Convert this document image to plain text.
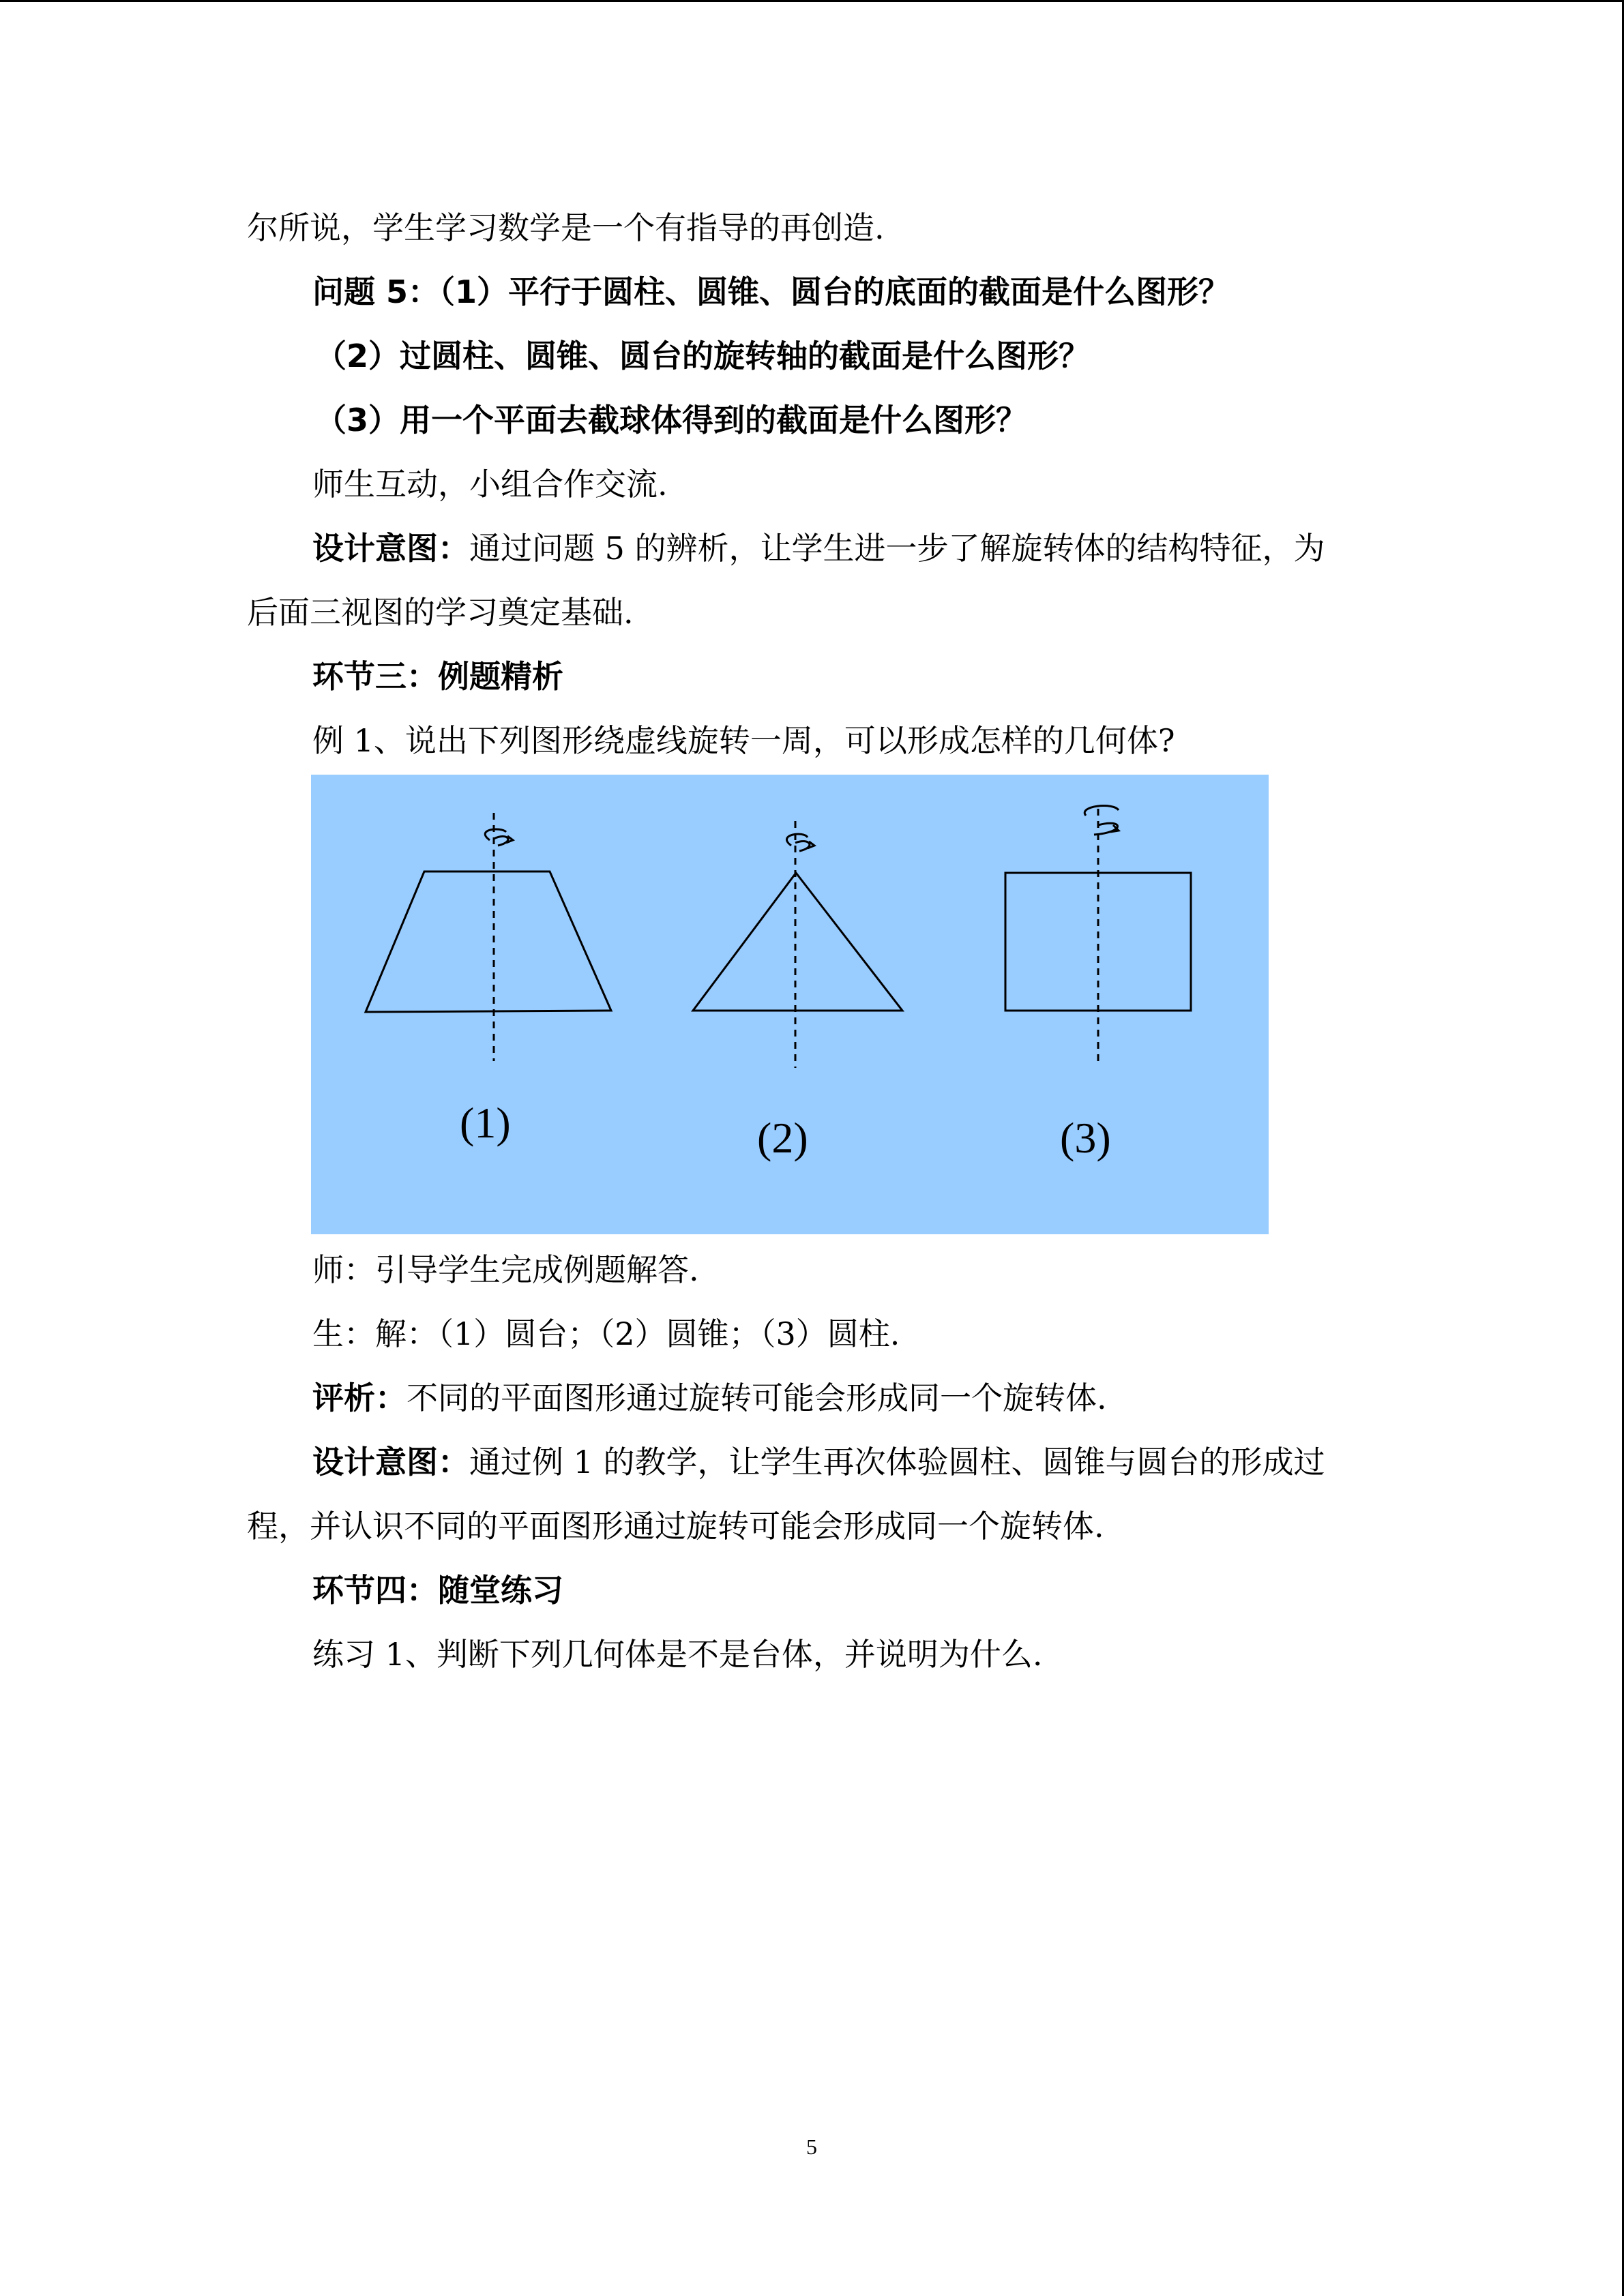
尔所说，学生学习数学是一个有指导的再创造.
问题 5：（1）平行于圆柱、圆锥、圆台的底面的截面是什么图形？
（2）过圆柱、圆锥、圆台的旋转轴的截面是什么图形？
（3）用一个平面去截球体得到的截面是什么图形？
师生互动，小组合作交流.
设计意图：通过问题 5 的辨析，让学生进一步了解旋转体的结构特征，为
后面三视图的学习奠定基础.
环节三：例题精析
例 1、说出下列图形绕虚线旋转一周，可以形成怎样的几何体?
(1)	(2)	(3)
师：引导学生完成例题解答.
生：解：（1）圆台；（2）圆锥；（3）圆柱.
评析：不同的平面图形通过旋转可能会形成同一个旋转体.
设计意图：通过例 1 的教学，让学生再次体验圆柱、圆锥与圆台的形成过
程，并认识不同的平面图形通过旋转可能会形成同一个旋转体.
环节四：随堂练习
练习 1、判断下列几何体是不是台体，并说明为什么.
5
